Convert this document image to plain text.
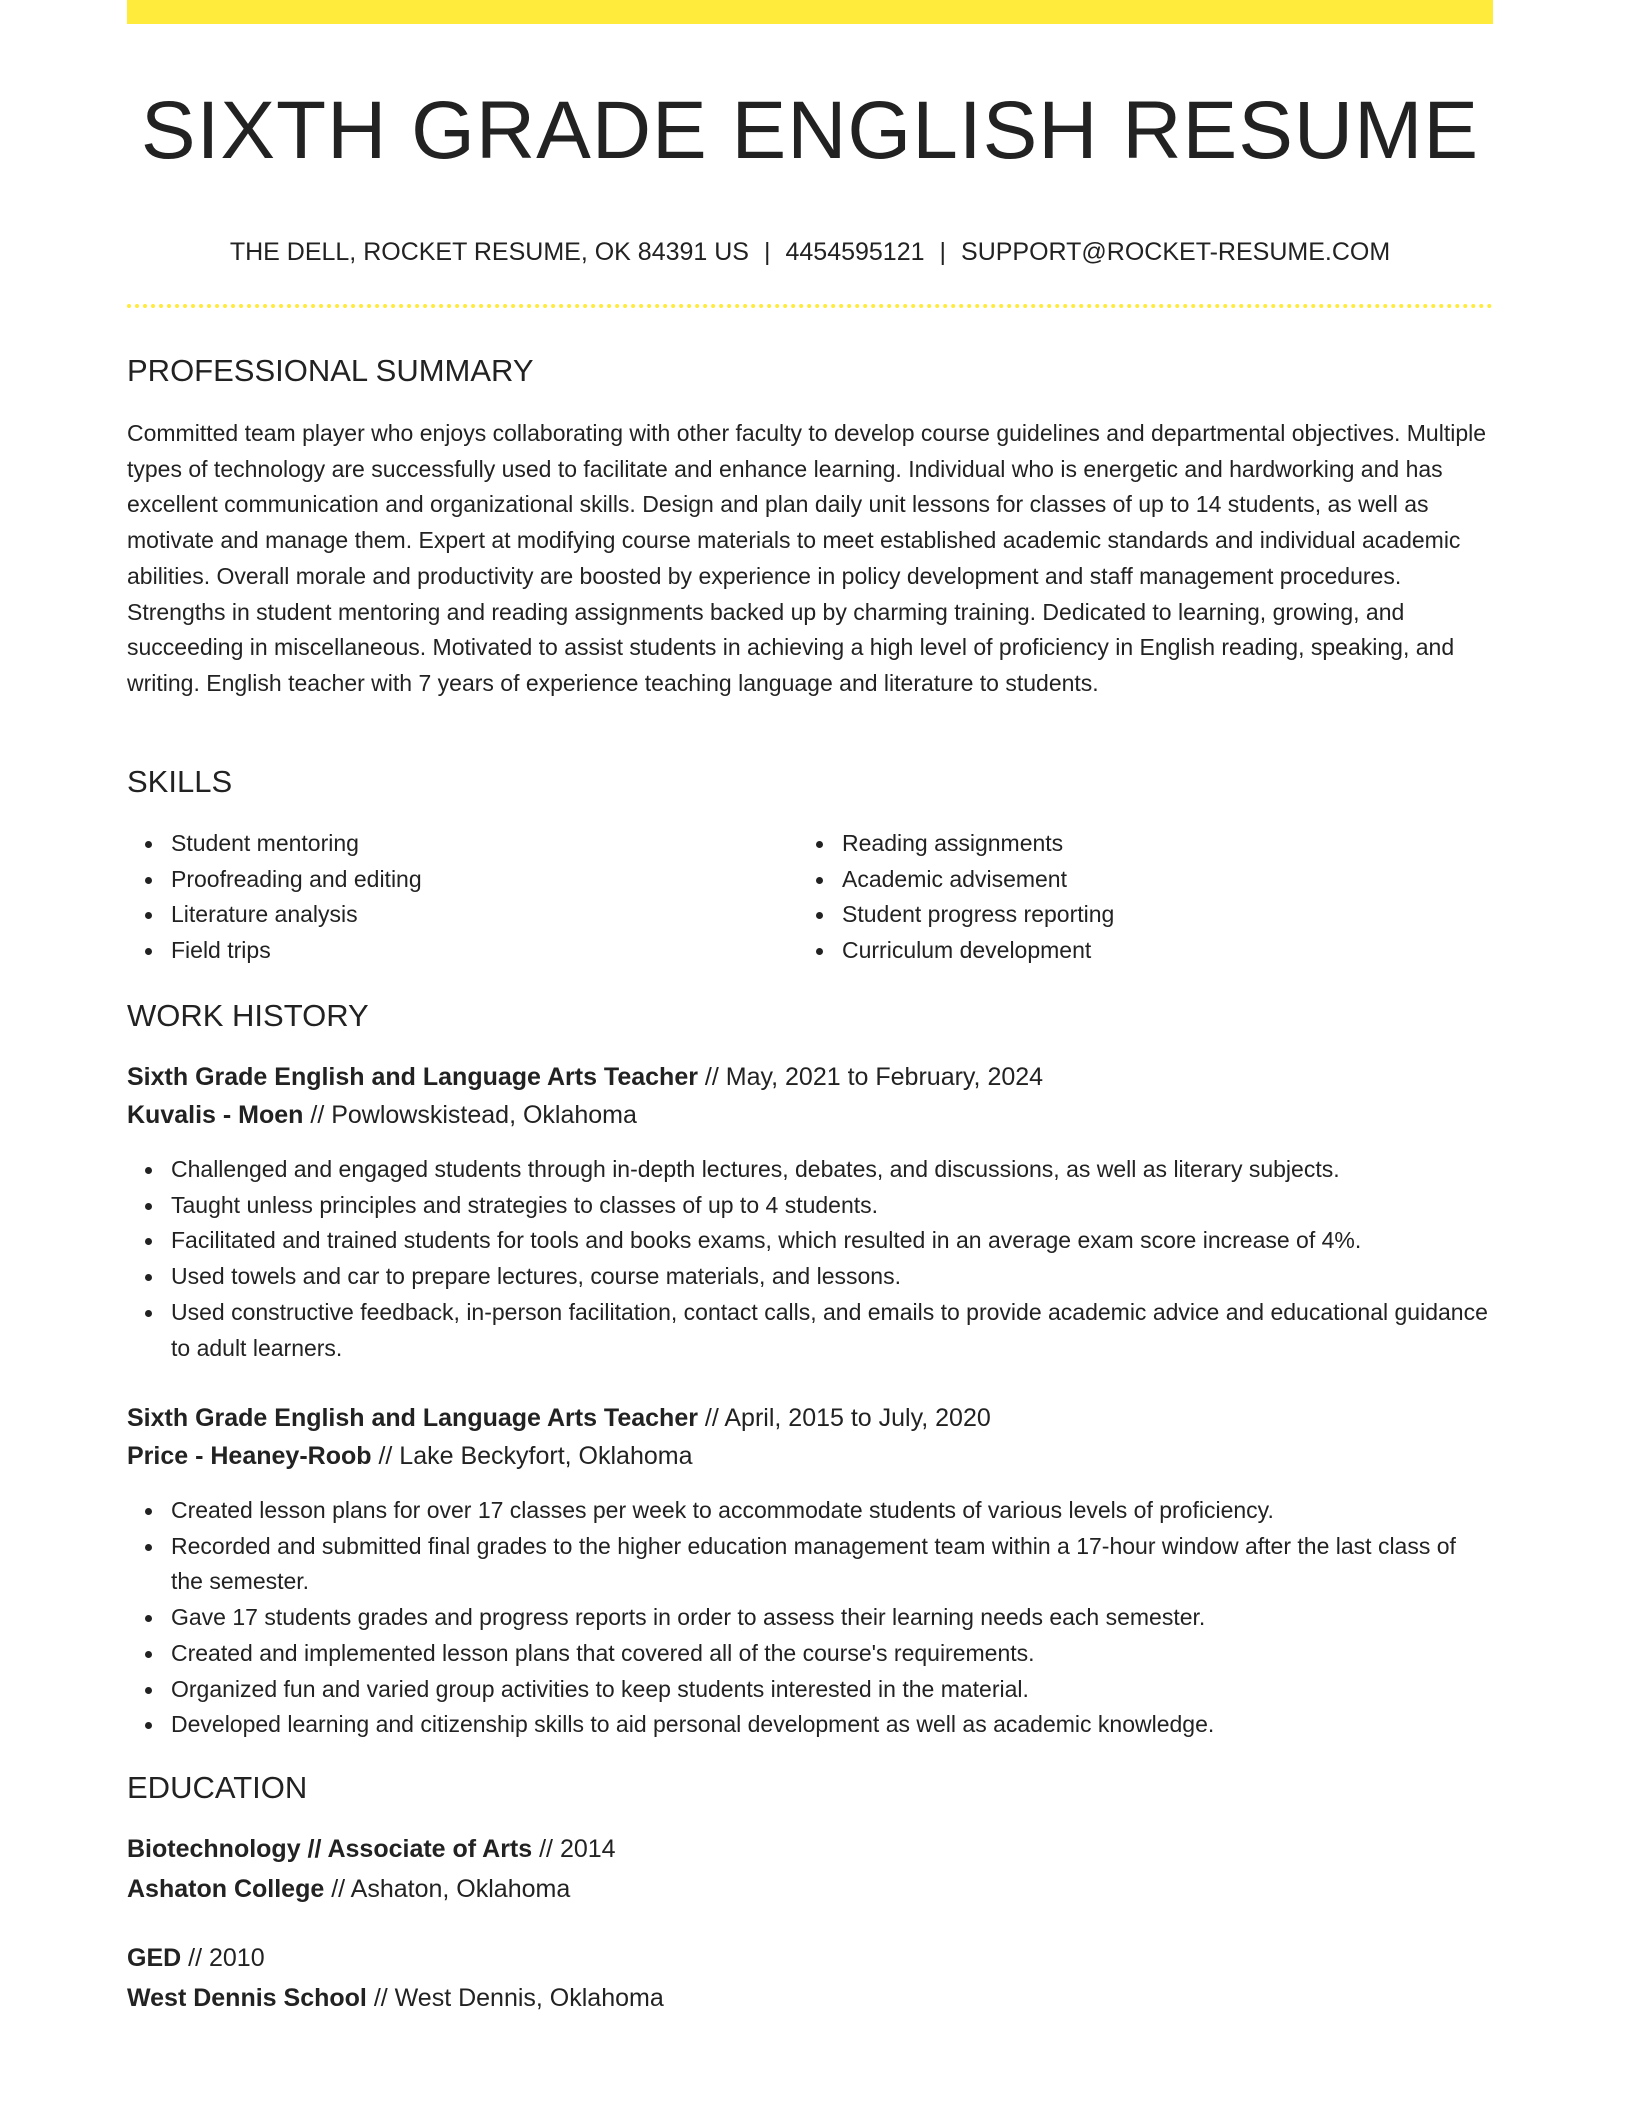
SIXTH GRADE ENGLISH RESUME
THE DELL, ROCKET RESUME, OK 84391 US | 4454595121 | SUPPORT@ROCKET-RESUME.COM
PROFESSIONAL SUMMARY

Committed team player who enjoys collaborating with other faculty to develop course guidelines and departmental objectives. Multiple types of technology are successfully used to facilitate and enhance learning. Individual who is energetic and hardworking and has excellent communication and organizational skills. Design and plan daily unit lessons for classes of up to 14 students, as well as motivate and manage them. Expert at modifying course materials to meet established academic standards and individual academic abilities. Overall morale and productivity are boosted by experience in policy development and staff management procedures. Strengths in student mentoring and reading assignments backed up by charming training. Dedicated to learning, growing, and succeeding in miscellaneous. Motivated to assist students in achieving a high level of proficiency in English reading, speaking, and writing. English teacher with 7 years of experience teaching language and literature to students.

SKILLS
Student mentoring
Proofreading and editing
Literature analysis
Field trips
Reading assignments
Academic advisement
Student progress reporting
Curriculum development
WORK HISTORY
Sixth Grade English and Language Arts Teacher // May, 2021 to February, 2024
Kuvalis - Moen // Powlowskistead, Oklahoma
Challenged and engaged students through in-depth lectures, debates, and discussions, as well as literary subjects.
Taught unless principles and strategies to classes of up to 4 students.
Facilitated and trained students for tools and books exams, which resulted in an average exam score increase of 4%.
Used towels and car to prepare lectures, course materials, and lessons.
Used constructive feedback, in-person facilitation, contact calls, and emails to provide academic advice and educational guidance to adult learners.
Sixth Grade English and Language Arts Teacher // April, 2015 to July, 2020
Price - Heaney-Roob // Lake Beckyfort, Oklahoma
Created lesson plans for over 17 classes per week to accommodate students of various levels of proficiency.
Recorded and submitted final grades to the higher education management team within a 17-hour window after the last class of the semester.
Gave 17 students grades and progress reports in order to assess their learning needs each semester.
Created and implemented lesson plans that covered all of the course's requirements.
Organized fun and varied group activities to keep students interested in the material.
Developed learning and citizenship skills to aid personal development as well as academic knowledge.
EDUCATION
Biotechnology // Associate of Arts // 2014
Ashaton College // Ashaton, Oklahoma
GED // 2010
West Dennis School // West Dennis, Oklahoma
